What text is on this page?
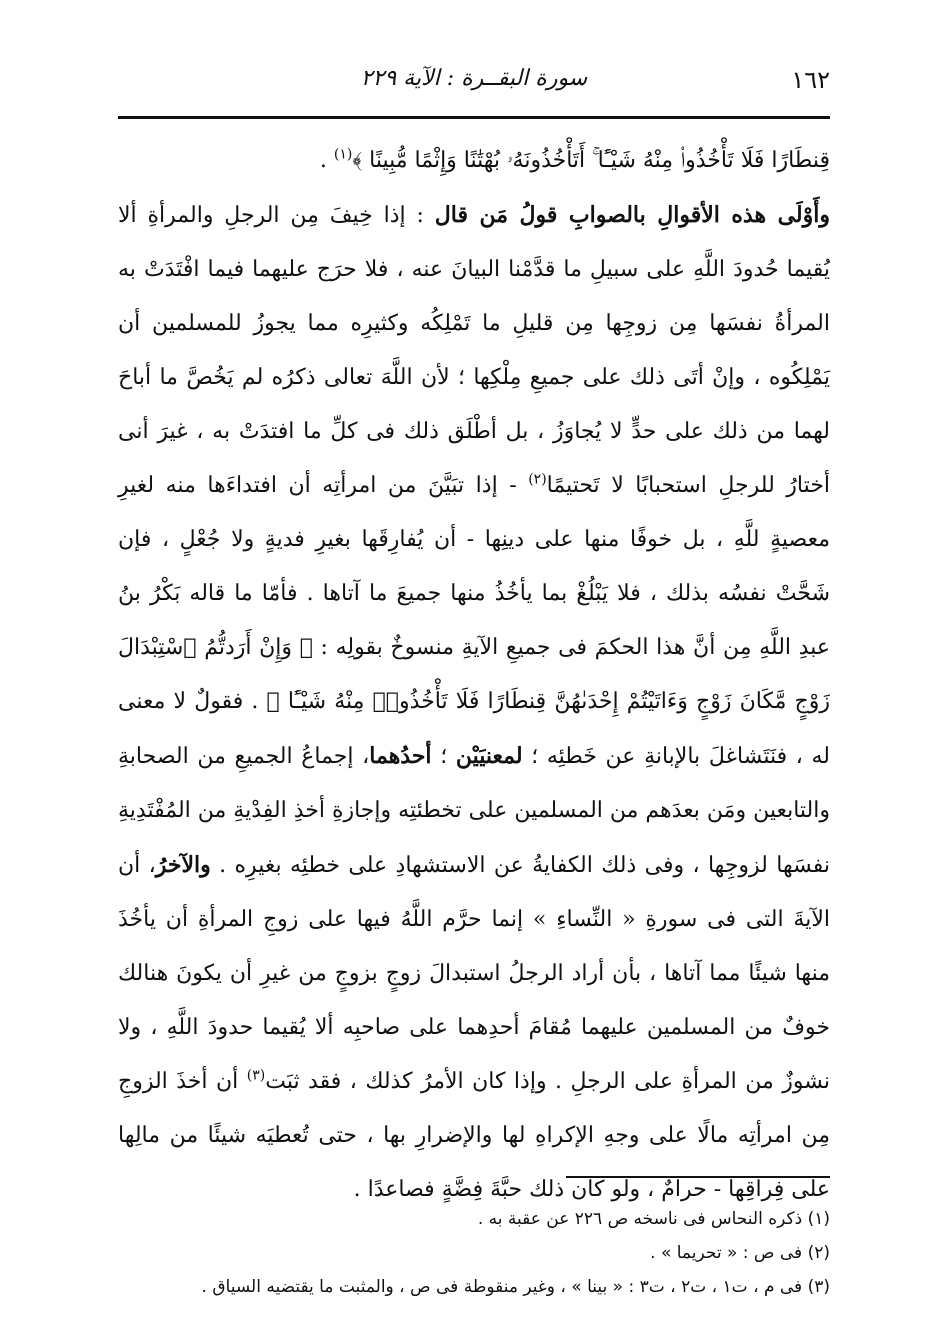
١٦٢
سورة البقــرة : الآية ٢٢٩

قِنطَارًا فَلَا تَأْخُذُوا۟ مِنْهُ شَيْـًٔا ۚ أَتَأْخُذُونَهُۥ بُهْتَٰنًا وَإِثْمًا مُّبِينًا ﴾$^{(١)}$ .

وأَوْلَى هذه الأقوالِ بالصوابِ قولُ مَن قال : إذا خِيفَ مِن الرجلِ والمرأةِ ألا يُقيما حُدودَ اللَّهِ على سبيلِ ما قدَّمْنا البيانَ عنه ، فلا حرَج عليهما فيما افْتَدَتْ به المرأةُ نفسَها مِن زوجِها مِن قليلِ ما تَمْلِكُه وكثيرِه مما يجوزُ للمسلمين أن يَمْلِكُوه ، وإنْ أتَى ذلك على جميعِ مِلْكِها ؛ لأن اللَّهَ تعالى ذكرُه لم يَخُصَّ ما أباحَ لهما من ذلك على حدٍّ لا يُجاوَزُ ، بل أطْلَق ذلك فى كلِّ ما افتدَتْ به ، غيرَ أنى أختارُ للرجلِ استحبابًا لا تَحتيمًا$^{(٢)}$ - إذا تبَيَّنَ من امرأتِه أن افتداءَها منه لغيرِ معصيةٍ للَّهِ ، بل خوفًا منها على دينِها - أن يُفارِقَها بغيرِ فديةٍ ولا جُعْلٍ ، فإن شَحَّتْ نفسُه بذلك ، فلا يَبْلُغْ بما يأخُذُ منها جميعَ ما آتاها . فأمّا ما قاله بَكْرُ بنُ عبدِ اللَّهِ مِن أنَّ هذا الحكمَ فى جميعِ الآيةِ منسوخٌ بقولِه : ﴿ وَإِنْ أَرَدتُّمُ ٱسْتِبْدَالَ زَوْجٍ مَّكَانَ زَوْجٍ وَءَاتَيْتُمْ إِحْدَىٰهُنَّ قِنطَارًا فَلَا تَأْخُذُوا۟ مِنْهُ شَيْـًٔا ﴾ . فقولٌ لا معنى له ، فنَتَشاغلَ بالإبانةِ عن خَطئِه ؛ لمعنيَيْن ؛ أحدُهما، إجماعُ الجميعِ من الصحابةِ والتابعين ومَن بعدَهم من المسلمين على تخطئتِه وإجازةِ أخذِ الفِدْيةِ من المُفْتَدِيةِ نفسَها لزوجِها ، وفى ذلك الكفايةُ عن الاستشهادِ على خطئِه بغيرِه . والآخرُ، أن الآيةَ التى فى سورةِ « النِّساءِ » إنما حرَّم اللَّهُ فيها على زوجِ المرأةِ أن يأخُذَ منها شيئًا مما آتاها ، بأن أراد الرجلُ استبدالَ زوجٍ بزوجٍ من غيرِ أن يكونَ هنالك خوفٌ من المسلمين عليهما مُقامَ أحدِهما على صاحبِه ألا يُقيما حدودَ اللَّهِ ، ولا نشوزٌ من المرأةِ على الرجلِ . وإذا كان الأمرُ كذلك ، فقد ثبَت$^{(٣)}$ أن أخذَ الزوجِ مِن امرأتِه مالًا على وجهِ الإكراهِ لها والإضرارِ بها ، حتى تُعطيَه شيئًا من مالِها على فِراقِها - حرامٌ ، ولو كان ذلك حبَّةَ فِضَّةٍ فصاعدًا .

(١) ذكره النحاس فى ناسخه ص ٢٢٦ عن عقبة به .
(٢) فى ص : « تحريما » .
(٣) فى م ، ت١ ، ت٢ ، ت٣ : « بينا » ، وغير منقوطة فى ص ، والمثبت ما يقتضيه السياق .
